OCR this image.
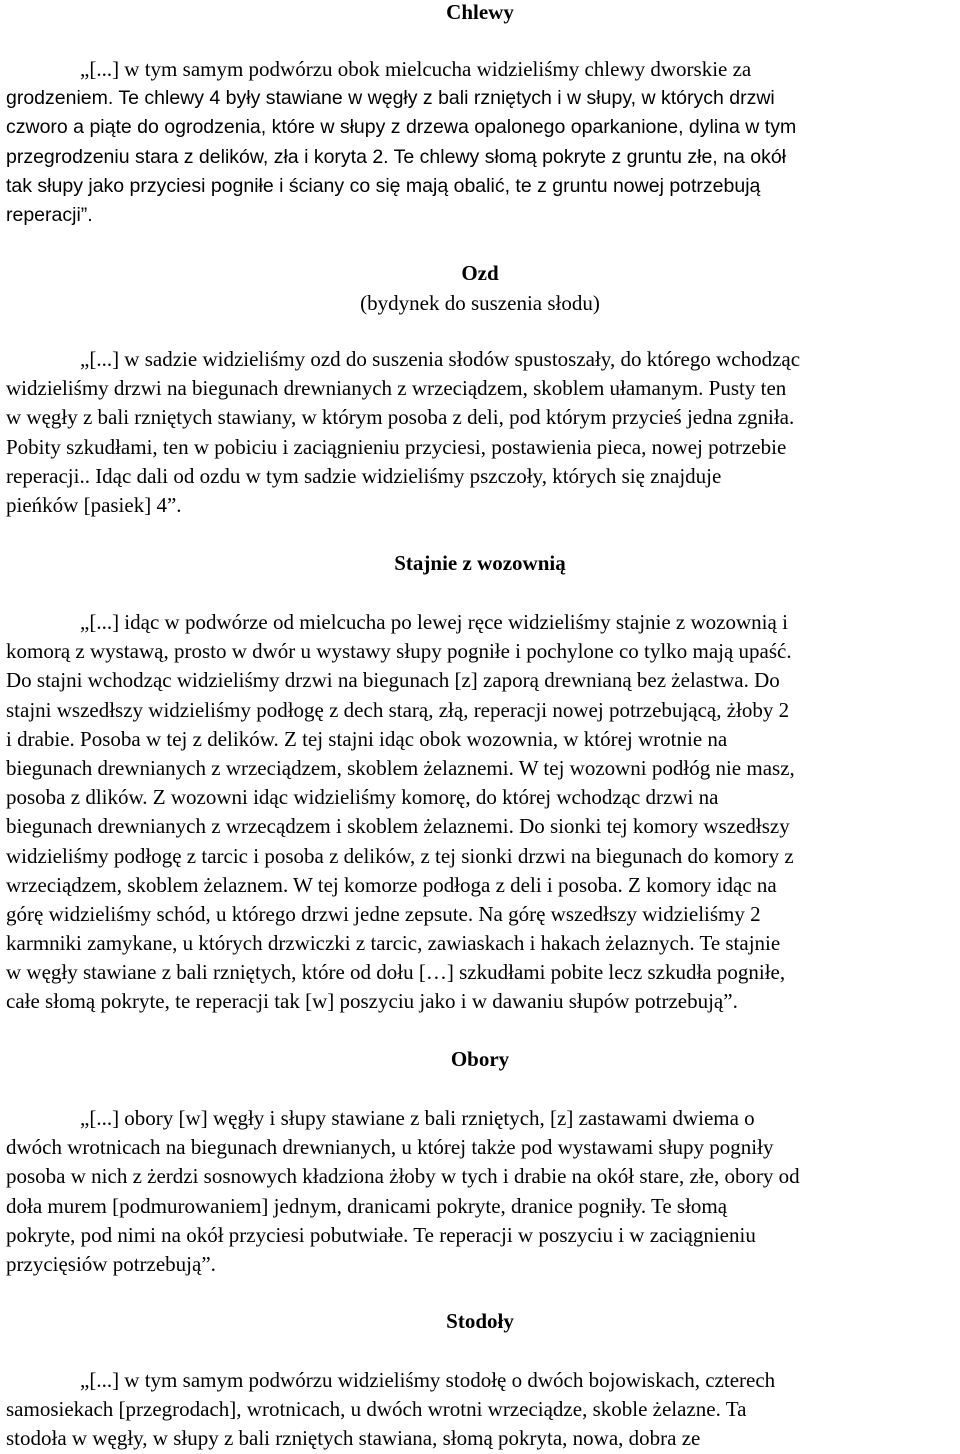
Chlewy

„[...] w tym samym podwórzu obok mielcucha widzieliśmy chlewy dworskie za
grodzeniem. Te chlewy 4 były stawiane w węgły z bali rzniętych i w słupy, w których drzwi
czworo a piąte do ogrodzenia, które w słupy z drzewa opalonego oparkanione, dylina w tym
przegrodzeniu stara z delików, zła i koryta 2. Te chlewy słomą pokryte z gruntu złe, na okół
tak słupy jako przyciesi pogniłe i ściany co się mają obalić, te z gruntu nowej potrzebują
reperacji”.

Ozd
(bydynek do suszenia słodu)

„[...] w sadzie widzieliśmy ozd do suszenia słodów spustoszały, do którego wchodząc
widzieliśmy drzwi na biegunach drewnianych z wrzeciądzem, skoblem ułamanym. Pusty ten
w węgły z bali rzniętych stawiany, w którym posoba z deli, pod którym przycieś jedna zgniła.
Pobity szkudłami, ten w pobiciu i zaciągnieniu przyciesi, postawienia pieca, nowej potrzebie
reperacji.. Idąc dali od ozdu w tym sadzie widzieliśmy pszczoły, których się znajduje
pieńków [pasiek] 4”.

Stajnie z wozownią

„[...] idąc w podwórze od mielcucha po lewej ręce widzieliśmy stajnie z wozownią i
komorą z wystawą, prosto w dwór u wystawy słupy pogniłe i pochylone co tylko mają upaść.
Do stajni wchodząc widzieliśmy drzwi na biegunach [z] zaporą drewnianą bez żelastwa. Do
stajni wszedłszy widzieliśmy podłogę z dech starą, złą, reperacji nowej potrzebującą, żłoby 2
i drabie. Posoba w tej z delików. Z tej stajni idąc obok wozownia, w której wrotnie na
biegunach drewnianych z wrzeciądzem, skoblem żelaznemi. W tej wozowni podłóg nie masz,
posoba z dlików. Z wozowni idąc widzieliśmy komorę, do której wchodząc drzwi na
biegunach drewnianych z wrzecądzem i skoblem żelaznemi. Do sionki tej komory wszedłszy
widzieliśmy podłogę z tarcic i posoba z delików, z tej sionki drzwi na biegunach do komory z
wrzeciądzem, skoblem żelaznem. W tej komorze podłoga z deli i posoba. Z komory idąc na
górę widzieliśmy schód, u którego drzwi jedne zepsute. Na górę wszedłszy widzieliśmy 2
karmniki zamykane, u których drzwiczki z tarcic, zawiaskach i hakach żelaznych. Te stajnie
w węgły stawiane z bali rzniętych, które od dołu […] szkudłami pobite lecz szkudła pogniłe,
całe słomą pokryte, te reperacji tak [w] poszyciu jako i w dawaniu słupów potrzebują”.

Obory

„[...] obory [w] węgły i słupy stawiane z bali rzniętych, [z] zastawami dwiema o
dwóch wrotnicach na biegunach drewnianych, u której także pod wystawami słupy pogniły
posoba w nich z żerdzi sosnowych kładziona żłoby w tych i drabie na okół stare, złe, obory od
doła murem [podmurowaniem] jednym, dranicami pokryte, dranice pogniły. Te słomą
pokryte, pod nimi na okół przyciesi pobutwiałe. Te reperacji w poszyciu i w zaciągnieniu
przycięsiów potrzebują”.

Stodoły

„[...] w tym samym podwórzu widzieliśmy stodołę o dwóch bojowiskach, czterech
samosiekach [przegrodach], wrotnicach, u dwóch wrotni wrzeciądze, skoble żelazne. Ta
stodoła w węgły, w słupy z bali rzniętych stawiana, słomą pokryta, nowa, dobra ze
